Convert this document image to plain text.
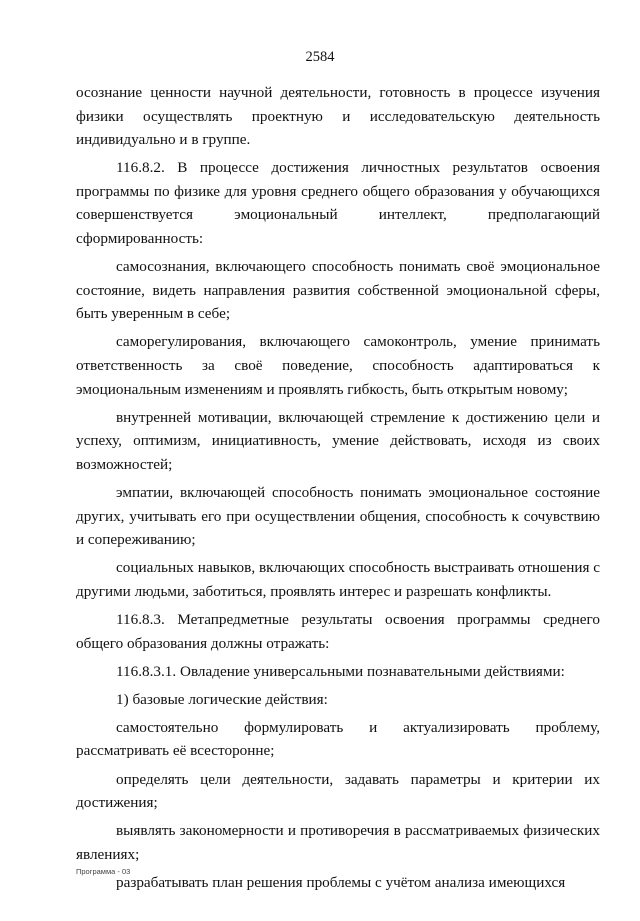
2584

осознание ценности научной деятельности, готовность в процессе изучения физики осуществлять проектную и исследовательскую деятельность индивидуально и в группе.

116.8.2. В процессе достижения личностных результатов освоения программы по физике для уровня среднего общего образования у обучающихся совершенствуется эмоциональный интеллект, предполагающий сформированность:

самосознания, включающего способность понимать своё эмоциональное состояние, видеть направления развития собственной эмоциональной сферы, быть уверенным в себе;

саморегулирования, включающего самоконтроль, умение принимать ответственность за своё поведение, способность адаптироваться к эмоциональным изменениям и проявлять гибкость, быть открытым новому;

внутренней мотивации, включающей стремление к достижению цели и успеху, оптимизм, инициативность, умение действовать, исходя из своих возможностей;

эмпатии, включающей способность понимать эмоциональное состояние других, учитывать его при осуществлении общения, способность к сочувствию и сопереживанию;

социальных навыков, включающих способность выстраивать отношения с другими людьми, заботиться, проявлять интерес и разрешать конфликты.

116.8.3. Метапредметные результаты освоения программы среднего общего образования должны отражать:

116.8.3.1. Овладение универсальными познавательными действиями:

1) базовые логические действия:

самостоятельно формулировать и актуализировать проблему, рассматривать её всесторонне;

определять цели деятельности, задавать параметры и критерии их достижения;

выявлять закономерности и противоречия в рассматриваемых физических явлениях;

разрабатывать план решения проблемы с учётом анализа имеющихся

Программа - 03
